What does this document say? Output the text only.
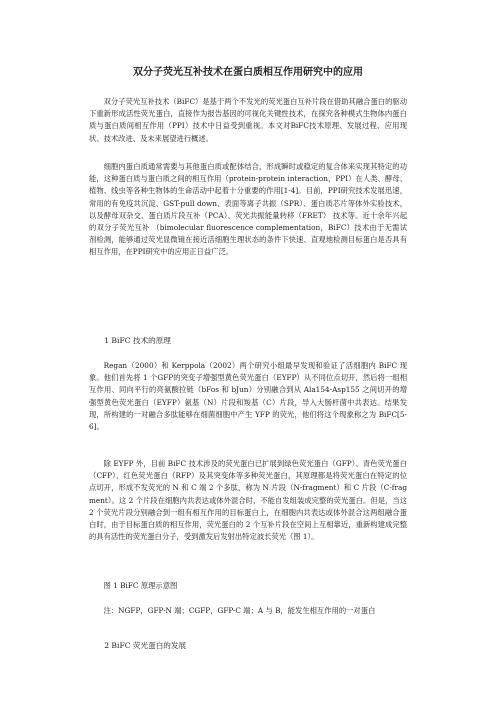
双分子荧光互补技术在蛋白质相互作用研究中的应用

双分子荧光互补技术（BiFC）是基于两个不发光的荧光蛋白互补片段在借助其融合蛋白的驱动下重新形成活性荧光蛋白，直接作为报告基因的可视化关键性技术，在探究各种模式生物体内蛋白质与蛋白质间相互作用（PPI）技术中日益受到重视。本文对BiFC技术原理、发展过程、应用现状、技术改进、及未来展望进行概述。

细胞内蛋白质通常需要与其他蛋白质或配体结合，形成瞬时或稳定的复合体来实现其特定的功能，这种蛋白质与蛋白质之间的相互作用（protein-protein interaction，PPI）在人类、酵母、植物、线虫等各种生物体的生命活动中起着十分重要的作用[1-4]。目前，PPI研究技术发展迅速，常用的有免疫共沉淀、GST-pull down、表面等离子共振（SPR）、蛋白质芯片等体外实验技术，以及酵母双杂交、蛋白质片段互补（PCA）、荧光共振能量转移（FRET） 技术等。近十余年兴起的双分子荧光互补 （bimolecular fluorescence complementation，BiFC）技术由于无需试剂检测，能够通过荧光显微镜在接近活细胞生理状态的条件下快速、直观地检测目标蛋白是否具有相互作用，在PPI研究中的应用正日益广泛。

1 BiFC 技术的原理

Regan（2000）和 Kerppola（2002）两个研究小组最早发现和验证了活细胞内 BiFC 现象。他们首先将 1 个GFP的突变子增强型黄色荧光蛋白（EYFP）从不同位点切开，然后将一组相互作用、同向平行的亮氨酸拉链（bFos 和 bJun）分别融合到从 Ala154-Asp155 之间切开的增强型黄色荧光蛋白（EYFP）氨基（N）片段和羧基（C）片段，导入大肠杆菌中共表达。结果发现，所构建的一对融合多肽能够在细菌细胞中产生 YFP 的荧光，他们将这个现象称之为 BiFC[5-6]。

除 EYFP 外，目前 BiFC 技术涉及的荧光蛋白已扩展到绿色荧光蛋白（GFP）、青色荧光蛋白（CFP）、红色荧光蛋白（RFP）及其突变体等多种荧光蛋白，其原理都是将荧光蛋白在特定的位点切开，形成不发荧光的 N 和 C 端 2 个多肽，称为 N 片段（N-fragment）和 C 片段（C-fragment）。这 2 个片段在细胞内共表达或体外混合时，不能自发组装成完整的荧光蛋白。但是，当这 2 个荧光片段分别融合到一组有相互作用的目标蛋白上，在细胞内共表达或体外混合这两组融合蛋白时，由于目标蛋白质的相互作用，荧光蛋白的 2 个互补片段在空间上互相靠近，重新构建成完整的具有活性的荧光蛋白分子，受到激发后发射出特定波长荧光（图 1）。

图 1 BiFC 原理示意图

注：NGFP，GFP-N 端；CGFP，GFP-C 端；A 与 B，能发生相互作用的一对蛋白

2 BiFC 荧光蛋白的发展
